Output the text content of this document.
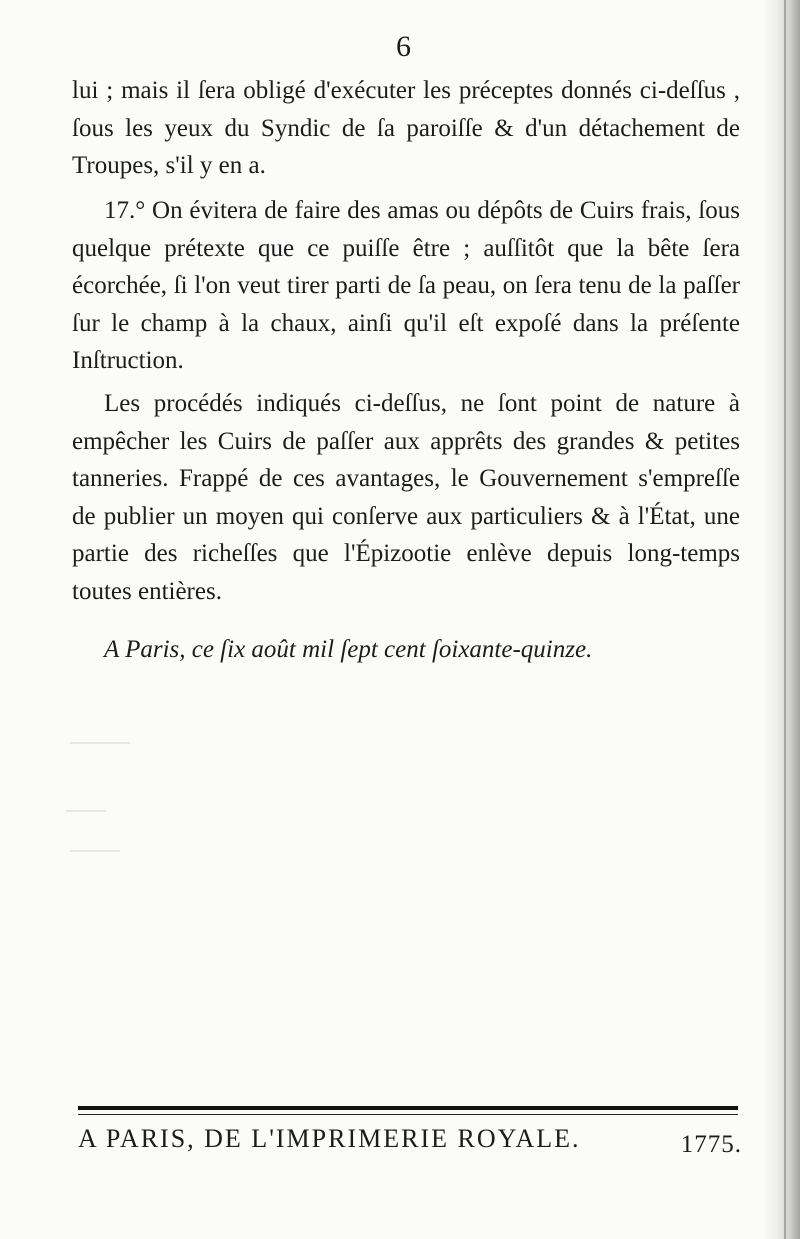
6

lui ; mais il ſera obligé d'exécuter les préceptes donnés ci-deſſus , ſous les yeux du Syndic de ſa paroiſſe & d'un détachement de Troupes, s'il y en a.

17.° On évitera de faire des amas ou dépôts de Cuirs frais, ſous quelque prétexte que ce puiſſe être ; auſſitôt que la bête ſera écorchée, ſi l'on veut tirer parti de ſa peau, on ſera tenu de la paſſer ſur le champ à la chaux, ainſi qu'il eſt expoſé dans la préſente Inſtruction.

Les procédés indiqués ci-deſſus, ne ſont point de nature à empêcher les Cuirs de paſſer aux apprêts des grandes & petites tanneries. Frappé de ces avantages, le Gouvernement s'empreſſe de publier un moyen qui conſerve aux particuliers & à l'État, une partie des richeſſes que l'Épizootie enlève depuis long-temps toutes entières.

A Paris, ce ſix août mil ſept cent ſoixante-quinze.
A PARIS, DE L'IMPRIMERIE ROYALE.	1775.
